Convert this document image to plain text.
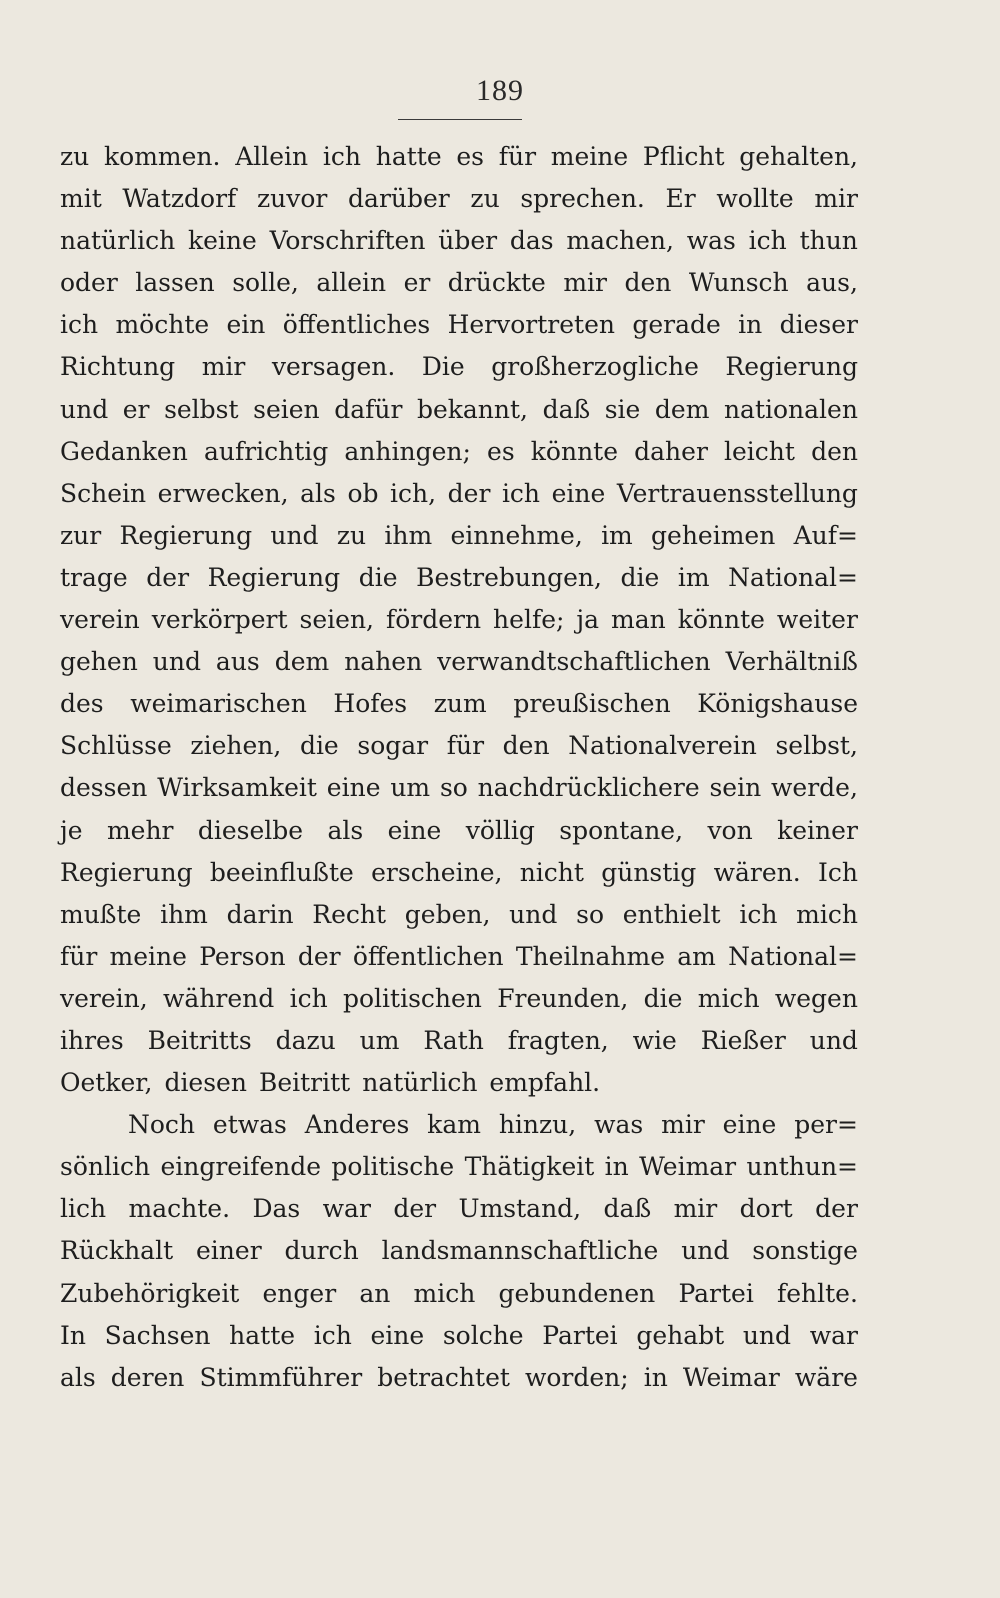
189
zu kommen. Allein ich hatte es für meine Pflicht gehalten,
mit Watzdorf zuvor darüber zu sprechen. Er wollte mir
natürlich keine Vorschriften über das machen, was ich thun
oder lassen solle, allein er drückte mir den Wunsch aus,
ich möchte ein öffentliches Hervortreten gerade in dieser
Richtung mir versagen. Die großherzogliche Regierung
und er selbst seien dafür bekannt, daß sie dem nationalen
Gedanken aufrichtig anhingen; es könnte daher leicht den
Schein erwecken, als ob ich, der ich eine Vertrauensstellung
zur Regierung und zu ihm einnehme, im geheimen Auf=
trage der Regierung die Bestrebungen, die im National=
verein verkörpert seien, fördern helfe; ja man könnte weiter
gehen und aus dem nahen verwandtschaftlichen Verhältniß
des weimarischen Hofes zum preußischen Königshause
Schlüsse ziehen, die sogar für den Nationalverein selbst,
dessen Wirksamkeit eine um so nachdrücklichere sein werde,
je mehr dieselbe als eine völlig spontane, von keiner
Regierung beeinflußte erscheine, nicht günstig wären. Ich
mußte ihm darin Recht geben, und so enthielt ich mich
für meine Person der öffentlichen Theilnahme am National=
verein, während ich politischen Freunden, die mich wegen
ihres Beitritts dazu um Rath fragten, wie Rießer und
Oetker, diesen Beitritt natürlich empfahl.
Noch etwas Anderes kam hinzu, was mir eine per=
sönlich eingreifende politische Thätigkeit in Weimar unthun=
lich machte. Das war der Umstand, daß mir dort der
Rückhalt einer durch landsmannschaftliche und sonstige
Zubehörigkeit enger an mich gebundenen Partei fehlte.
In Sachsen hatte ich eine solche Partei gehabt und war
als deren Stimmführer betrachtet worden; in Weimar wäre
